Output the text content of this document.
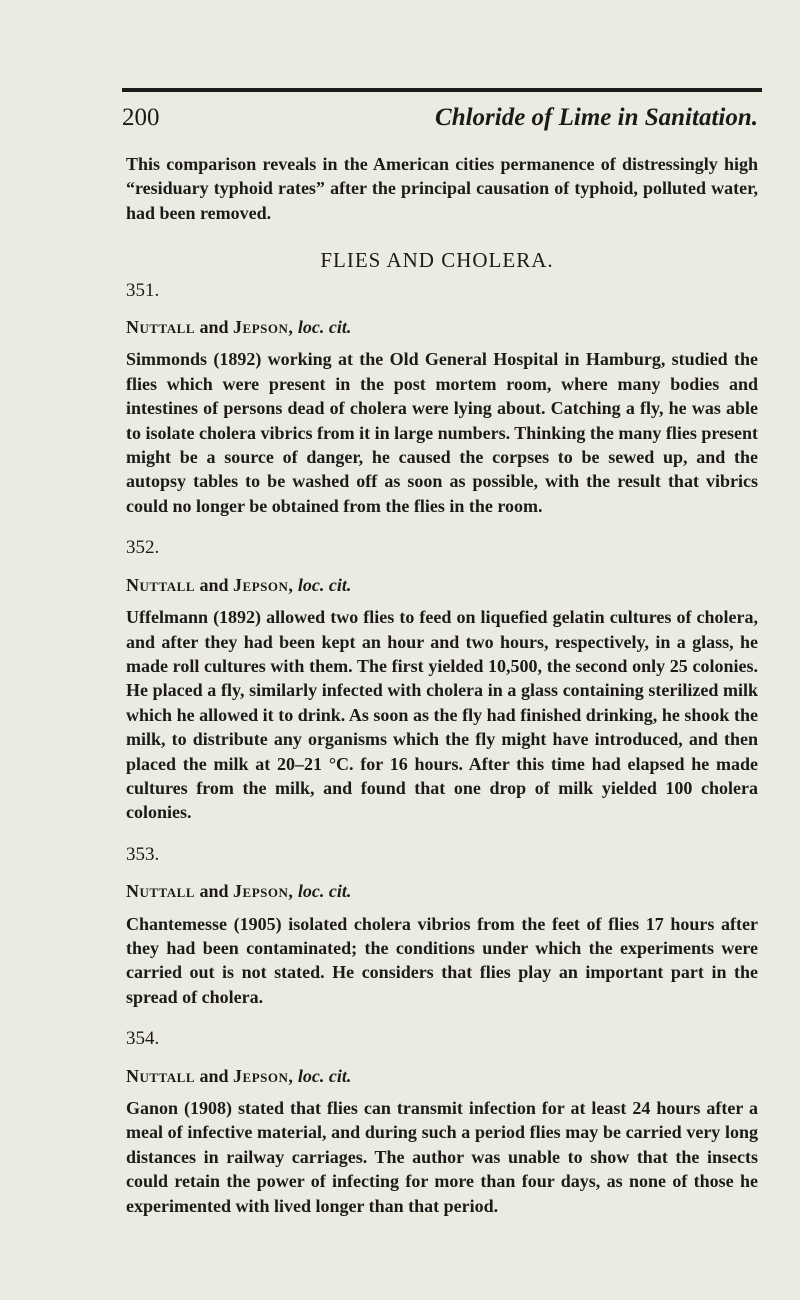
200	Chloride of Lime in Sanitation.

This comparison reveals in the American cities permanence of distressingly high “residuary typhoid rates” after the principal causation of typhoid, polluted water, had been removed.

FLIES AND CHOLERA.
351.
Nuttall and Jepson, loc. cit.

Simmonds (1892) working at the Old General Hospital in Hamburg, studied the flies which were present in the post mortem room, where many bodies and intestines of persons dead of cholera were lying about. Catching a fly, he was able to isolate cholera vibrics from it in large numbers. Thinking the many flies present might be a source of danger, he caused the corpses to be sewed up, and the autopsy tables to be washed off as soon as possible, with the result that vibrics could no longer be obtained from the flies in the room.

352.
Nuttall and Jepson, loc. cit.

Uffelmann (1892) allowed two flies to feed on liquefied gelatin cultures of cholera, and after they had been kept an hour and two hours, respectively, in a glass, he made roll cultures with them. The first yielded 10,500, the second only 25 colonies. He placed a fly, similarly infected with cholera in a glass containing sterilized milk which he allowed it to drink. As soon as the fly had finished drinking, he shook the milk, to distribute any organisms which the fly might have introduced, and then placed the milk at 20–21 °C. for 16 hours. After this time had elapsed he made cultures from the milk, and found that one drop of milk yielded 100 cholera colonies.

353.
Nuttall and Jepson, loc. cit.

Chantemesse (1905) isolated cholera vibrios from the feet of flies 17 hours after they had been contaminated; the conditions under which the experiments were carried out is not stated. He considers that flies play an important part in the spread of cholera.

354.
Nuttall and Jepson, loc. cit.

Ganon (1908) stated that flies can transmit infection for at least 24 hours after a meal of infective material, and during such a period flies may be carried very long distances in railway carriages. The author was unable to show that the insects could retain the power of infecting for more than four days, as none of those he experimented with lived longer than that period.
